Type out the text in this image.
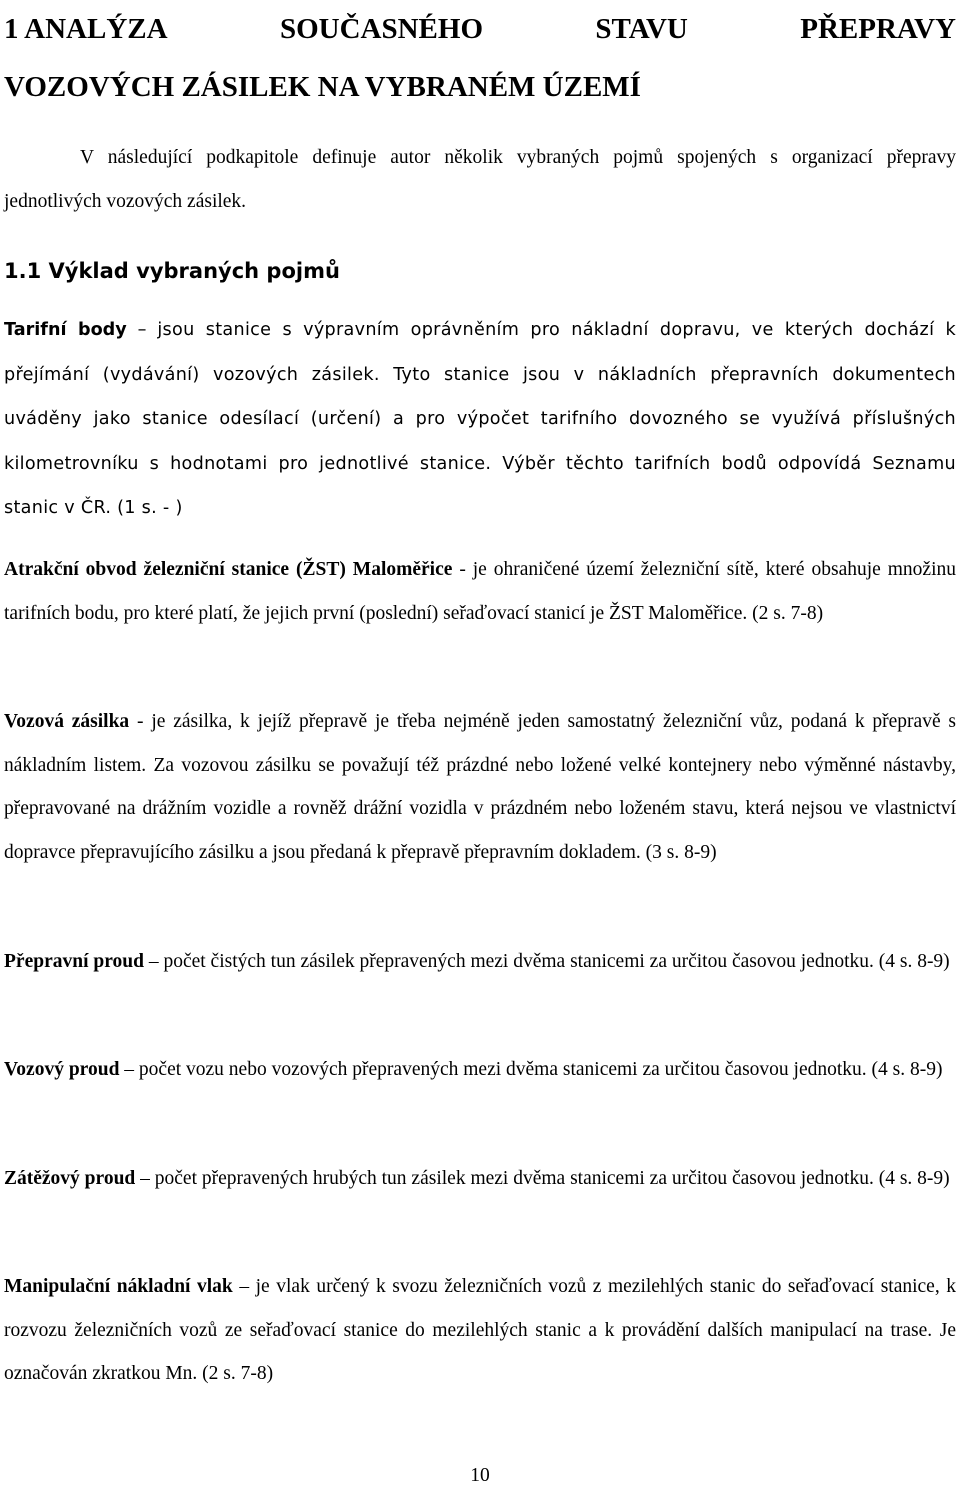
1 ANALÝZA	SOUČASNÉHO	STAVU	PŘEPRAVY
VOZOVÝCH ZÁSILEK NA VYBRANÉM ÚZEMÍ

V následující podkapitole definuje autor několik vybraných pojmů spojených s organizací přepravy jednotlivých vozových zásilek.

1.1 Výklad vybraných pojmů

Tarifní body – jsou stanice s výpravním oprávněním pro nákladní dopravu, ve kterých dochází k přejímání (vydávání) vozových zásilek. Tyto stanice jsou v nákladních přepravních dokumentech uváděny jako stanice odesílací (určení) a pro výpočet tarifního dovozného se využívá příslušných kilometrovníku s hodnotami pro jednotlivé stanice. Výběr těchto tarifních bodů odpovídá Seznamu stanic v ČR. (1 s. - )

Atrakční obvod železniční stanice (ŽST) Maloměřice - je ohraničené území železniční sítě, které obsahuje množinu tarifních bodu, pro které platí, že jejich první (poslední) seřaďovací stanicí je ŽST Maloměřice. (2 s. 7-8)

Vozová zásilka - je zásilka, k jejíž přepravě je třeba nejméně jeden samostatný železniční vůz, podaná k přepravě s nákladním listem. Za vozovou zásilku se považují též prázdné nebo ložené velké kontejnery nebo výměnné nástavby, přepravované na drážním vozidle a rovněž drážní vozidla v prázdném nebo loženém stavu, která nejsou ve vlastnictví dopravce přepravujícího zásilku a jsou předaná k přepravě přepravním dokladem. (3 s. 8-9)

Přepravní proud – počet čistých tun zásilek přepravených mezi dvěma stanicemi za určitou časovou jednotku. (4 s. 8-9)

Vozový proud – počet vozu nebo vozových přepravených mezi dvěma stanicemi za určitou časovou jednotku. (4 s. 8-9)

Zátěžový proud – počet přepravených hrubých tun zásilek mezi dvěma stanicemi za určitou časovou jednotku. (4 s. 8-9)

Manipulační nákladní vlak – je vlak určený k svozu železničních vozů z mezilehlých stanic do seřaďovací stanice, k rozvozu železničních vozů ze seřaďovací stanice do mezilehlých stanic a k provádění dalších manipulací na trase. Je označován zkratkou Mn. (2 s. 7-8)

10
